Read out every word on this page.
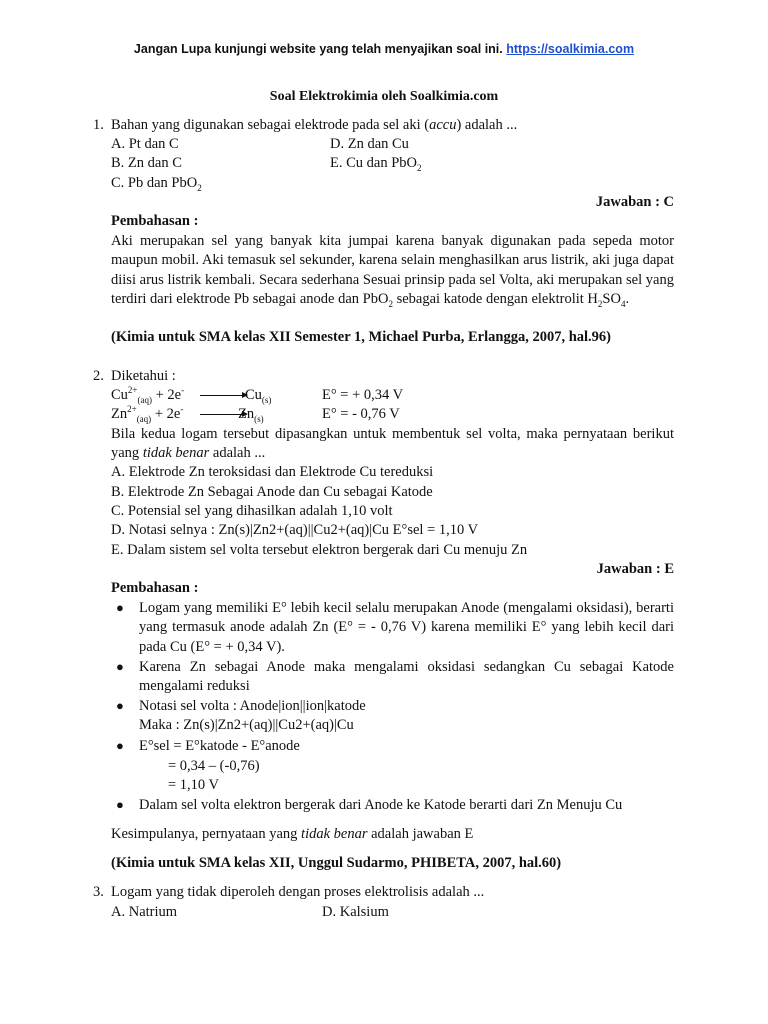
Jangan Lupa kunjungi website yang telah menyajikan soal ini. https://soalkimia.com
Soal Elektrokimia oleh Soalkimia.com
1. Bahan yang digunakan sebagai elektrode pada sel aki (accu) adalah ...
A. Pt dan C	D. Zn dan Cu
B. Zn dan C	E. Cu dan PbO$_2$
C. Pb dan PbO$_2$
Jawaban : C
Pembahasan :
Aki merupakan sel yang banyak kita jumpai karena banyak digunakan pada sepeda motor maupun mobil. Aki temasuk sel sekunder, karena selain menghasilkan arus listrik, aki juga dapat diisi arus listrik kembali. Secara sederhana Sesuai prinsip pada sel Volta, aki merupakan sel yang terdiri dari elektrode Pb sebagai anode dan PbO$_2$ sebagai katode dengan elektrolit $H_2SO_4$.
(Kimia untuk SMA kelas XII Semester 1, Michael Purba, Erlangga, 2007, hal.96)
2. Diketahui :
$Cu^{2+}_{(aq)} + 2e^- \to Cu_{(s)}$	E° = + 0,34 V
$Zn^{2+}_{(aq)} + 2e^-$	$Zn_{(s)}$	E° = - 0,76 V
Bila kedua logam tersebut dipasangkan untuk membentuk sel volta, maka pernyataan berikut yang tidak benar adalah ...
A. Elektrode Zn teroksidasi dan Elektrode Cu tereduksi
B. Elektrode Zn Sebagai Anode dan Cu sebagai Katode
C. Potensial sel yang dihasilkan adalah 1,10 volt
D. Notasi selnya : Zn(s)|Zn2+(aq)||Cu2+(aq)|Cu E°sel = 1,10 V
E. Dalam sistem sel volta tersebut elektron bergerak dari Cu menuju Zn
Jawaban : E
Pembahasan :
● Logam yang memiliki E° lebih kecil selalu merupakan Anode (mengalami oksidasi), berarti yang termasuk anode adalah Zn (E° = - 0,76 V) karena memiliki E° yang lebih kecil dari pada Cu (E° = + 0,34 V).
● Karena Zn sebagai Anode maka mengalami oksidasi sedangkan Cu sebagai Katode mengalami reduksi
● Notasi sel volta : Anode|ion||ion|katode
Maka : Zn(s)|Zn2+(aq)||Cu2+(aq)|Cu
● E°sel = E°katode - E°anode
= 0,34 – (-0,76)
= 1,10 V
● Dalam sel volta elektron bergerak dari Anode ke Katode berarti dari Zn Menuju Cu
Kesimpulanya, pernyataan yang tidak benar adalah jawaban E
(Kimia untuk SMA kelas XII, Unggul Sudarmo, PHIBETA, 2007, hal.60)
3. Logam yang tidak diperoleh dengan proses elektrolisis adalah ...
A. Natrium	D. Kalsium
